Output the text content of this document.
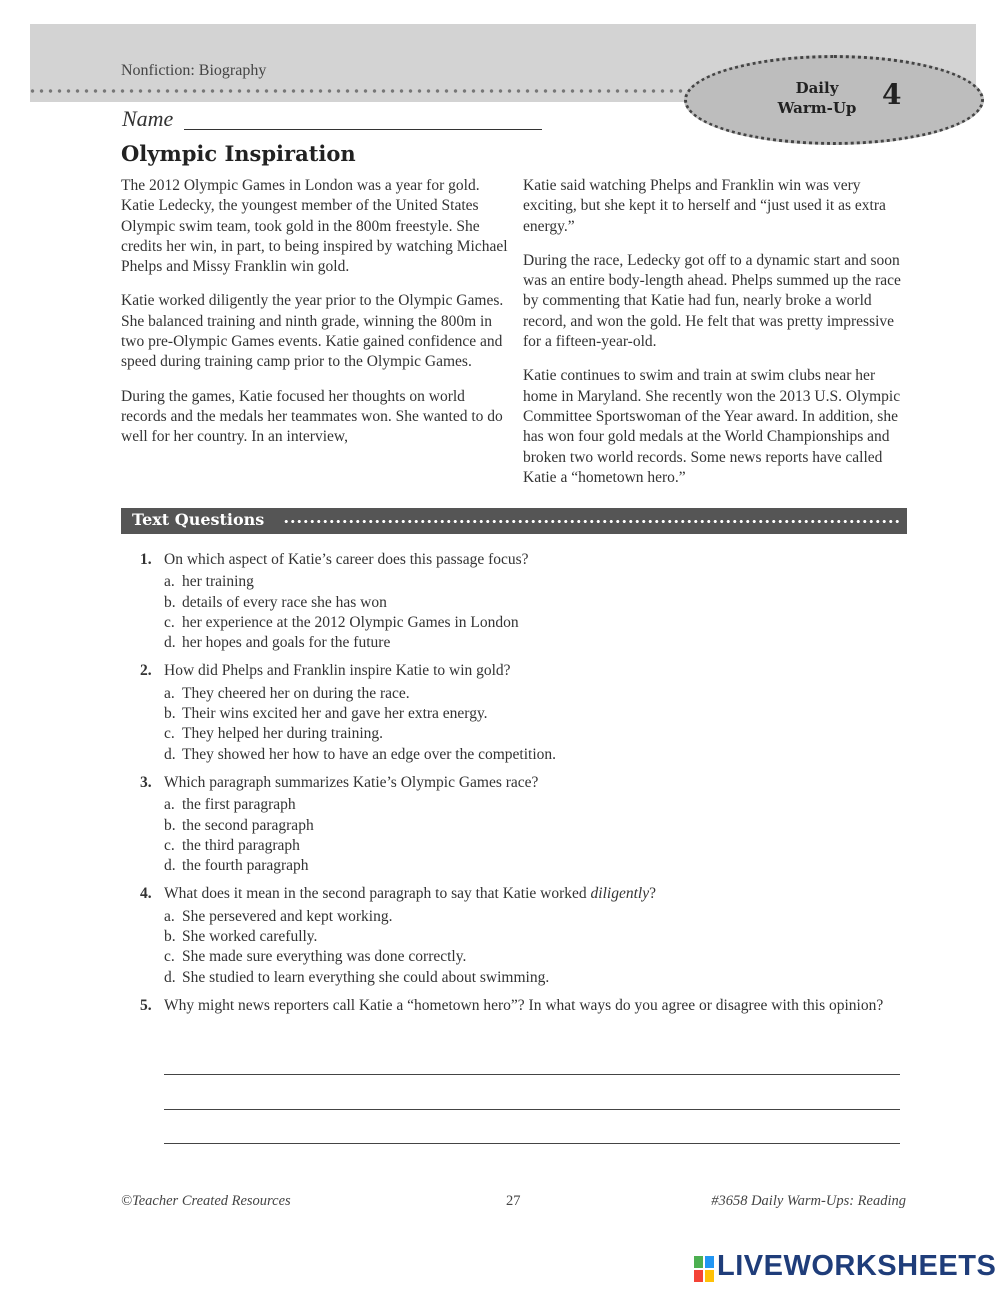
Nonfiction: Biography
Daily
Warm-Up 4
Name
Olympic Inspiration

The 2012 Olympic Games in London was a year for gold. Katie Ledecky, the youngest member of the United States Olympic swim team, took gold in the 800m freestyle. She credits her win, in part, to being inspired by watching Michael Phelps and Missy Franklin win gold.

Katie worked diligently the year prior to the Olympic Games. She balanced training and ninth grade, winning the 800m in two pre-Olympic Games events. Katie gained confidence and speed during training camp prior to the Olympic Games.

During the games, Katie focused her thoughts on world records and the medals her teammates won. She wanted to do well for her country. In an interview,

Katie said watching Phelps and Franklin win was very exciting, but she kept it to herself and “just used it as extra energy.”

During the race, Ledecky got off to a dynamic start and soon was an entire body-length ahead. Phelps summed up the race by commenting that Katie had fun, nearly broke a world record, and won the gold. He felt that was pretty impressive for a fifteen-year-old.

Katie continues to swim and train at swim clubs near her home in Maryland. She recently won the 2013 U.S. Olympic Committee Sportswoman of the Year award. In addition, she has won four gold medals at the World Championships and broken two world records. Some news reports have called Katie a “hometown hero.”

Text Questions
1. On which aspect of Katie’s career does this passage focus?
a. her training
b. details of every race she has won
c. her experience at the 2012 Olympic Games in London
d. her hopes and goals for the future
2. How did Phelps and Franklin inspire Katie to win gold?
a. They cheered her on during the race.
b. Their wins excited her and gave her extra energy.
c. They helped her during training.
d. They showed her how to have an edge over the competition.
3. Which paragraph summarizes Katie’s Olympic Games race?
a. the first paragraph
b. the second paragraph
c. the third paragraph
d. the fourth paragraph
4. What does it mean in the second paragraph to say that Katie worked diligently?
a. She persevered and kept working.
b. She worked carefully.
c. She made sure everything was done correctly.
d. She studied to learn everything she could about swimming.
5. Why might news reporters call Katie a “hometown hero”? In what ways do you agree or disagree with this opinion?
©Teacher Created Resources	27	#3658 Daily Warm-Ups: Reading
LIVEWORKSHEETS
